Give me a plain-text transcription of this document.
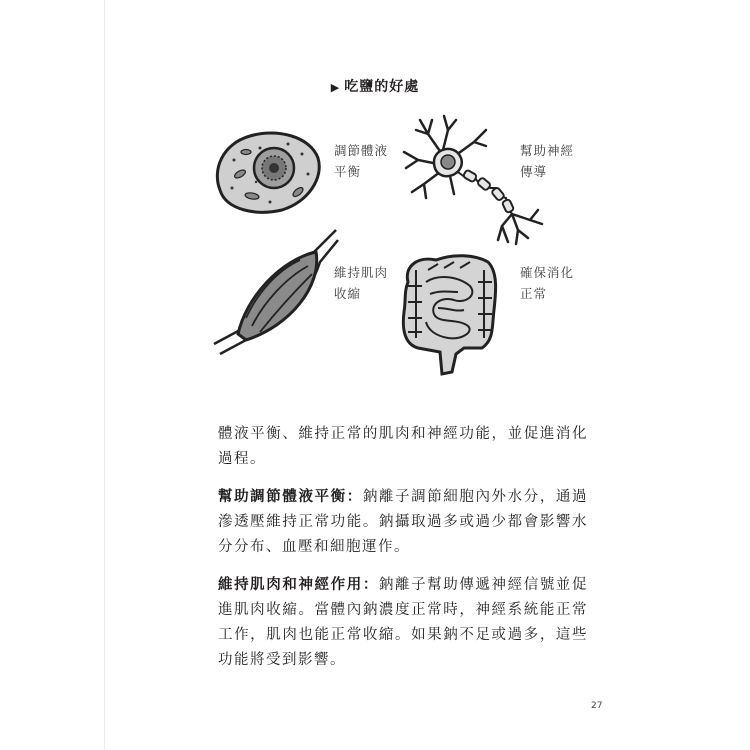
▶ 吃鹽的好處
調節體液
平衡
幫助神經
傳導
維持肌肉
收縮
確保消化
正常

體液平衡、維持正常的肌肉和神經功能，並促進消化過程。

幫助調節體液平衡：鈉離子調節細胞內外水分，通過滲透壓維持正常功能。鈉攝取過多或過少都會影響水分分布、血壓和細胞運作。

維持肌肉和神經作用：鈉離子幫助傳遞神經信號並促進肌肉收縮。當體內鈉濃度正常時，神經系統能正常工作，肌肉也能正常收縮。如果鈉不足或過多，這些功能將受到影響。

27
